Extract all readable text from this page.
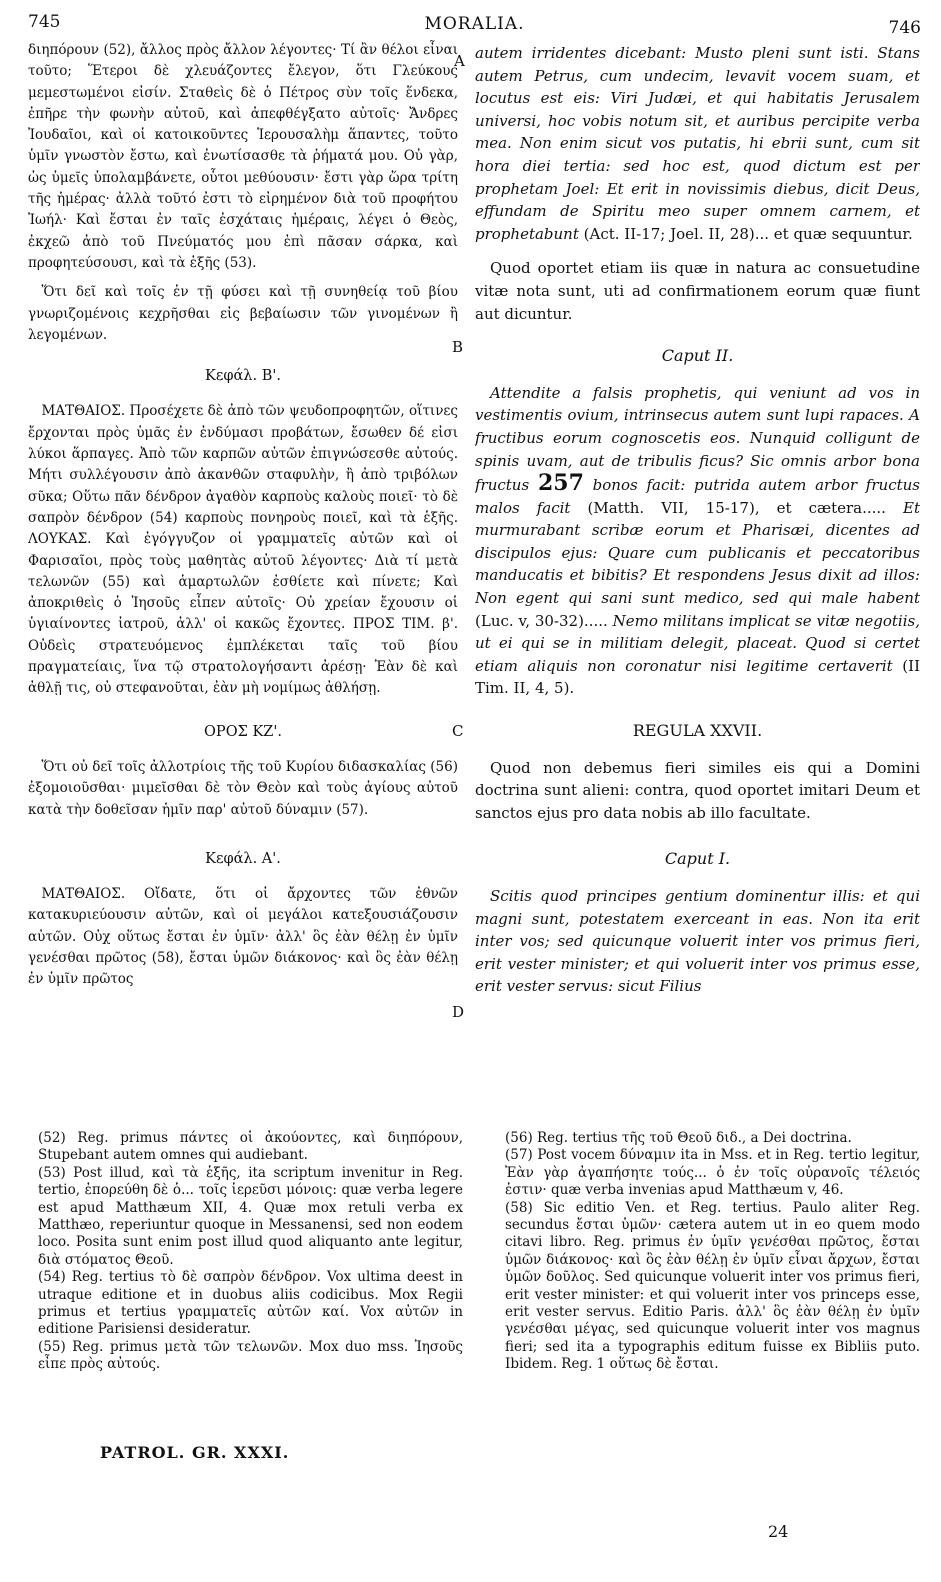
745	MORALIA.	746

διηπόρουν (52), ἄλλος πρὸς ἄλλον λέγοντες· Τί ἂν θέλοι εἶναι τοῦτο; Ἕτεροι δὲ χλευάζοντες ἔλεγον, ὅτι Γλεύκους μεμεστωμένοι εἰσίν. Σταθεὶς δὲ ὁ Πέτρος σὺν τοῖς ἕνδεκα, ἐπῆρε τὴν φωνὴν αὐτοῦ, καὶ ἀπεφθέγξατο αὐτοῖς· Ἄνδρες Ἰουδαῖοι, καὶ οἱ κατοικοῦντες Ἱερουσαλὴμ ἅπαντες, τοῦτο ὑμῖν γνωστὸν ἔστω, καὶ ἐνωτίσασθε τὰ ῥήματά μου. Οὐ γὰρ, ὡς ὑμεῖς ὑπολαμβάνετε, οὗτοι μεθύουσιν· ἔστι γὰρ ὥρα τρίτη τῆς ἡμέρας· ἀλλὰ τοῦτό ἐστι τὸ εἰρημένον διὰ τοῦ προφήτου Ἰωήλ· Καὶ ἔσται ἐν ταῖς ἐσχάταις ἡμέραις, λέγει ὁ Θεὸς, ἐκχεῶ ἀπὸ τοῦ Πνεύματός μου ἐπὶ πᾶσαν σάρκα, καὶ προφητεύσουσι, καὶ τὰ ἑξῆς (53).

Ὅτι δεῖ καὶ τοῖς ἐν τῇ φύσει καὶ τῇ συνηθείᾳ τοῦ βίου γνωριζομένοις κεχρῆσθαι εἰς βεβαίωσιν τῶν γινομένων ἢ λεγομένων.

Κεφάλ. Β'.

ΜΑΤΘΑΙΟΣ. Προσέχετε δὲ ἀπὸ τῶν ψευδοπροφητῶν, οἵτινες ἔρχονται πρὸς ὑμᾶς ἐν ἐνδύμασι προβάτων, ἔσωθεν δέ εἰσι λύκοι ἅρπαγες. Ἀπὸ τῶν καρπῶν αὐτῶν ἐπιγνώσεσθε αὐτούς. Μήτι συλλέγουσιν ἀπὸ ἀκανθῶν σταφυλὴν, ἢ ἀπὸ τριβόλων σῦκα; Οὕτω πᾶν δένδρον ἀγαθὸν καρποὺς καλοὺς ποιεῖ· τὸ δὲ σαπρὸν δένδρον (54) καρποὺς πονηροὺς ποιεῖ, καὶ τὰ ἑξῆς. ΛΟΥΚΑΣ. Καὶ ἐγόγγυζον οἱ γραμματεῖς αὐτῶν καὶ οἱ Φαρισαῖοι, πρὸς τοὺς μαθητὰς αὐτοῦ λέγοντες· Διὰ τί μετὰ τελωνῶν (55) καὶ ἁμαρτωλῶν ἐσθίετε καὶ πίνετε; Καὶ ἀποκριθεὶς ὁ Ἰησοῦς εἶπεν αὐτοῖς· Οὐ χρείαν ἔχουσιν οἱ ὑγιαίνοντες ἰατροῦ, ἀλλ' οἱ κακῶς ἔχοντες. ΠΡΟΣ ΤΙΜ. β'. Οὐδεὶς στρατευόμενος ἐμπλέκεται ταῖς τοῦ βίου πραγματείαις, ἵνα τῷ στρατολογήσαντι ἀρέσῃ· Ἐὰν δὲ καὶ ἀθλῇ τις, οὐ στεφανοῦται, ἐὰν μὴ νομίμως ἀθλήσῃ.

ΟΡΟΣ ΚΖ'.

Ὅτι οὐ δεῖ τοῖς ἀλλοτρίοις τῆς τοῦ Κυρίου διδασκαλίας (56) ἐξομοιοῦσθαι· μιμεῖσθαι δὲ τὸν Θεὸν καὶ τοὺς ἁγίους αὐτοῦ κατὰ τὴν δοθεῖσαν ἡμῖν παρ' αὐτοῦ δύναμιν (57).

Κεφάλ. Α'.

ΜΑΤΘΑΙΟΣ. Οἴδατε, ὅτι οἱ ἄρχοντες τῶν ἐθνῶν κατακυριεύουσιν αὐτῶν, καὶ οἱ μεγάλοι κατεξουσιάζουσιν αὐτῶν. Οὐχ οὕτως ἔσται ἐν ὑμῖν· ἀλλ' ὃς ἐὰν θέλῃ ἐν ὑμῖν γενέσθαι πρῶτος (58), ἔσται ὑμῶν διάκονος· καὶ ὃς ἐὰν θέλῃ ἐν ὑμῖν πρῶτος

A
B
C
D

autem irridentes dicebant: Musto pleni sunt isti. Stans autem Petrus, cum undecim, levavit vocem suam, et locutus est eis: Viri Judæi, et qui habitatis Jerusalem universi, hoc vobis notum sit, et auribus percipite verba mea. Non enim sicut vos putatis, hi ebrii sunt, cum sit hora diei tertia: sed hoc est, quod dictum est per prophetam Joel: Et erit in novissimis diebus, dicit Deus, effundam de Spiritu meo super omnem carnem, et prophetabunt (Act. II-17; Joel. II, 28)... et quæ sequuntur.

Quod oportet etiam iis quæ in natura ac consuetudine vitæ nota sunt, uti ad confirmationem eorum quæ fiunt aut dicuntur.

Caput II.

Attendite a falsis prophetis, qui veniunt ad vos in vestimentis ovium, intrinsecus autem sunt lupi rapaces. A fructibus eorum cognoscetis eos. Nunquid colligunt de spinis uvam, aut de tribulis ficus? Sic omnis arbor bona fructus 257 bonos facit: putrida autem arbor fructus malos facit (Matth. VII, 15-17), et cætera..... Et murmurabant scribæ eorum et Pharisæi, dicentes ad discipulos ejus: Quare cum publicanis et peccatoribus manducatis et bibitis? Et respondens Jesus dixit ad illos: Non egent qui sani sunt medico, sed qui male habent (Luc. v, 30-32)..... Nemo militans implicat se vitæ negotiis, ut ei qui se in militiam delegit, placeat. Quod si certet etiam aliquis non coronatur nisi legitime certaverit (II Tim. II, 4, 5).

REGULA XXVII.

Quod non debemus fieri similes eis qui a Domini doctrina sunt alieni: contra, quod oportet imitari Deum et sanctos ejus pro data nobis ab illo facultate.

Caput I.

Scitis quod principes gentium dominentur illis: et qui magni sunt, potestatem exerceant in eas. Non ita erit inter vos; sed quicunque voluerit inter vos primus fieri, erit vester minister; et qui voluerit inter vos primus esse, erit vester servus: sicut Filius

(52) Reg. primus πάντες οἱ ἀκούοντες, καὶ διηπόρουν, Stupebant autem omnes qui audiebant.

(53) Post illud, καὶ τὰ ἑξῆς, ita scriptum invenitur in Reg. tertio, ἐπορεύθη δὲ ὁ... τοῖς ἱερεῦσι μόνοις: quæ verba legere est apud Matthæum XII, 4. Quæ mox retuli verba ex Matthæo, reperiuntur quoque in Messanensi, sed non eodem loco. Posita sunt enim post illud quod aliquanto ante legitur, διὰ στόματος Θεοῦ.

(54) Reg. tertius τὸ δὲ σαπρὸν δένδρον. Vox ultima deest in utraque editione et in duobus aliis codicibus. Mox Regii primus et tertius γραμματεῖς αὐτῶν καί. Vox αὐτῶν in editione Parisiensi desideratur.

(55) Reg. primus μετὰ τῶν τελωνῶν. Mox duo mss. Ἰησοῦς εἶπε πρὸς αὐτούς.

(56) Reg. tertius τῆς τοῦ Θεοῦ διδ., a Dei doctrina.

(57) Post vocem δύναμιν ita in Mss. et in Reg. tertio legitur, Ἐὰν γὰρ ἀγαπήσητε τούς... ὁ ἐν τοῖς οὐρανοῖς τέλειός ἐστιν· quæ verba invenias apud Matthæum v, 46.

(58) Sic editio Ven. et Reg. tertius. Paulo aliter Reg. secundus ἔσται ὑμῶν· cætera autem ut in eo quem modo citavi libro. Reg. primus ἐν ὑμῖν γενέσθαι πρῶτος, ἔσται ὑμῶν διάκονος· καὶ ὃς ἐὰν θέλῃ ἐν ὑμῖν εἶναι ἄρχων, ἔσται ὑμῶν δοῦλος. Sed quicunque voluerit inter vos primus fieri, erit vester minister: et qui voluerit inter vos princeps esse, erit vester servus. Editio Paris. ἀλλ' ὃς ἐὰν θέλῃ ἐν ὑμῖν γενέσθαι μέγας, sed quicunque voluerit inter vos magnus fieri; sed ita a typographis editum fuisse ex Bibliis puto. Ibidem. Reg. 1 οὕτως δὲ ἔσται.

PATROL. GR. XXXI.
24
